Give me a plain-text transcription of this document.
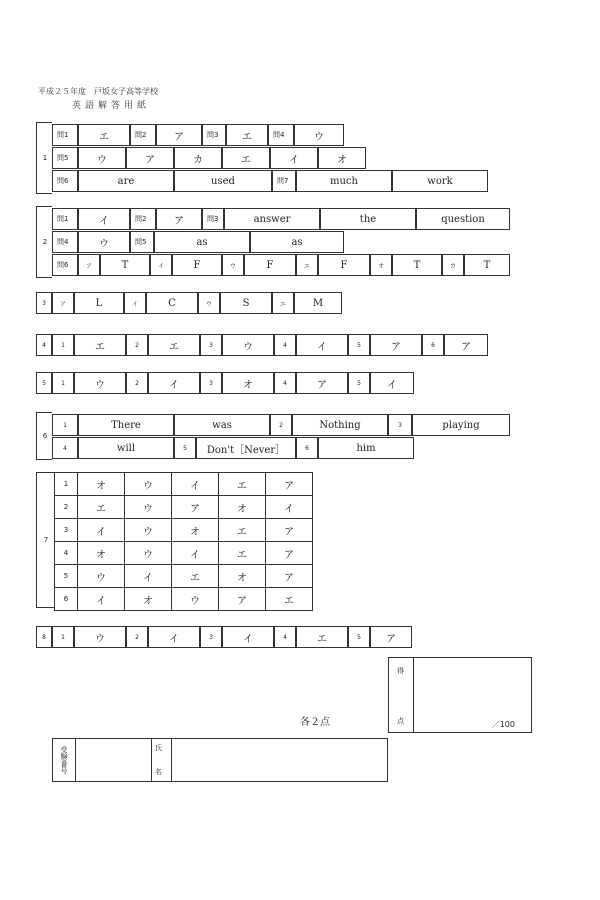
平成２５年度　戸坂女子高等学校
英語解答用紙
1
問1	エ	問2	ア	問3	エ	問4	ウ
問5	ウ	ア	カ	エ	イ	オ
問6	are	used	問7	much	work
2
問1	イ	問2	ア	問3	answer	the	question
問4	ウ	問5	as	as
問6	ア	T	イ	F	ウ	F	エ	F	オ	T	カ	T
3	ア	L	イ	C	ウ	S	エ	M
4	1	エ	2	エ	3	ウ	4	イ	5	ア	6	ア
5	1	ウ	2	イ	3	オ	4	ア	5	イ
6
1	There	was	2	Nothing	3	playing
4	will	5	Don't［Never］	6	him
7
1	オ	ウ	イ	エ	ア
2	エ	ウ	ア	オ	イ
3	イ	ウ	オ	エ	ア
4	オ	ウ	イ	エ	ア
5	ウ	イ	エ	オ	ア
6	イ	オ	ウ	ア	エ
8	1	ウ	2	イ	3	イ	4	エ	5	ア
得
点	／100
各２点
受験番号	氏
名
